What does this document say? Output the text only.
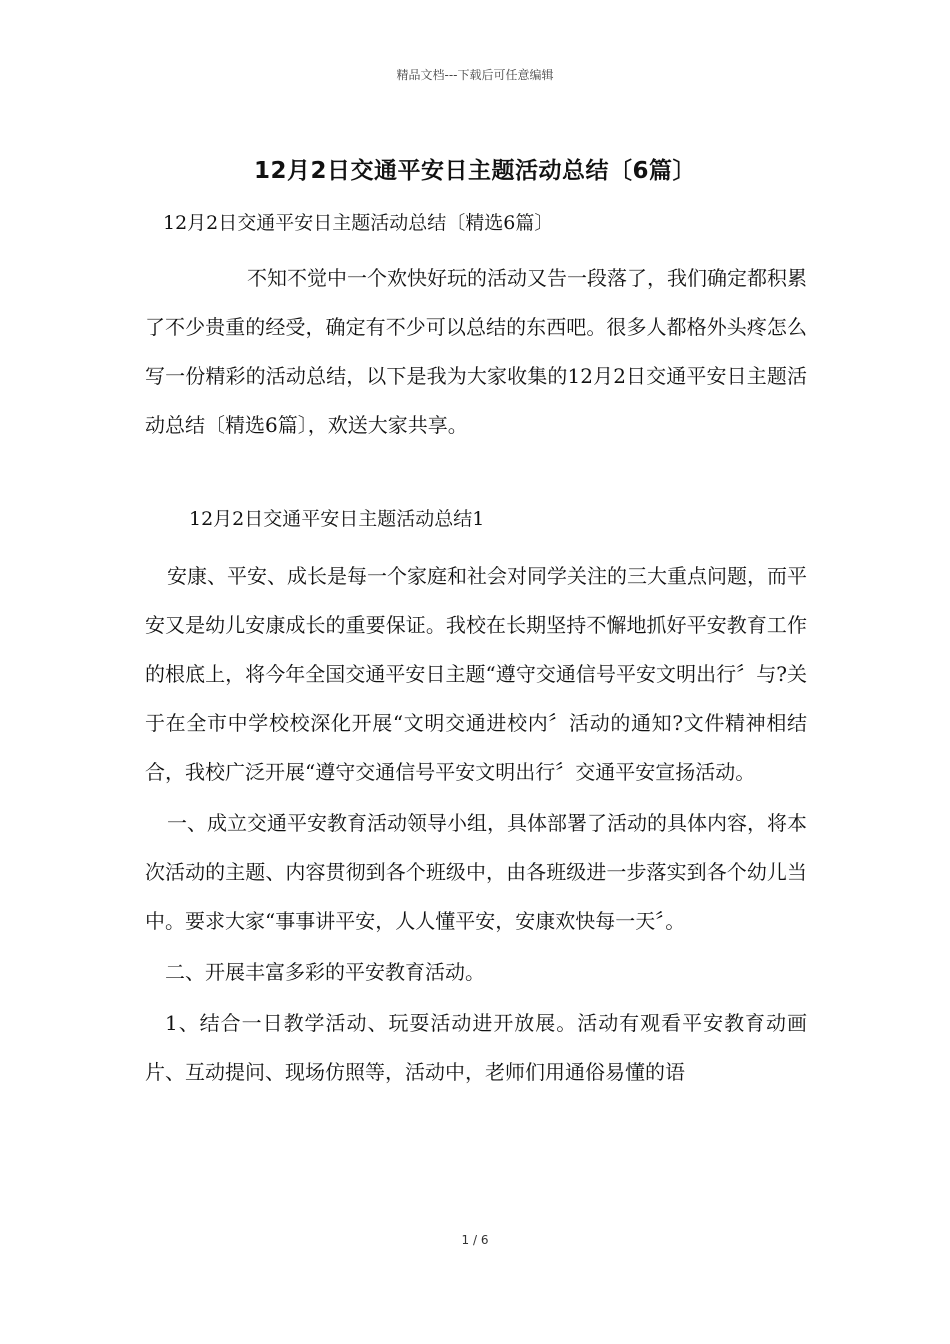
精品文档---下载后可任意编辑
12月2日交通平安日主题活动总结〔6篇〕

12月2日交通平安日主题活动总结〔精选6篇〕

不知不觉中一个欢快好玩的活动又告一段落了，我们确定都积累了不少贵重的经受，确定有不少可以总结的东西吧。很多人都格外头疼怎么写一份精彩的活动总结，以下是我为大家收集的12月2日交通平安日主题活动总结〔精选6篇〕，欢送大家共享。

12月2日交通平安日主题活动总结1

安康、平安、成长是每一个家庭和社会对同学关注的三大重点问题，而平安又是幼儿安康成长的重要保证。我校在长期坚持不懈地抓好平安教育工作的根底上，将今年全国交通平安日主题“遵守交通信号平安文明出行〞与?关于在全市中学校校深化开展“文明交通进校内〞活动的通知?文件精神相结合，我校广泛开展“遵守交通信号平安文明出行〞交通平安宣扬活动。

一、成立交通平安教育活动领导小组，具体部署了活动的具体内容，将本次活动的主题、内容贯彻到各个班级中，由各班级进一步落实到各个幼儿当中。要求大家“事事讲平安，人人懂平安，安康欢快每一天〞。

二、开展丰富多彩的平安教育活动。

1、结合一日教学活动、玩耍活动进开放展。活动有观看平安教育动画片、互动提问、现场仿照等，活动中，老师们用通俗易懂的语

1 / 6
